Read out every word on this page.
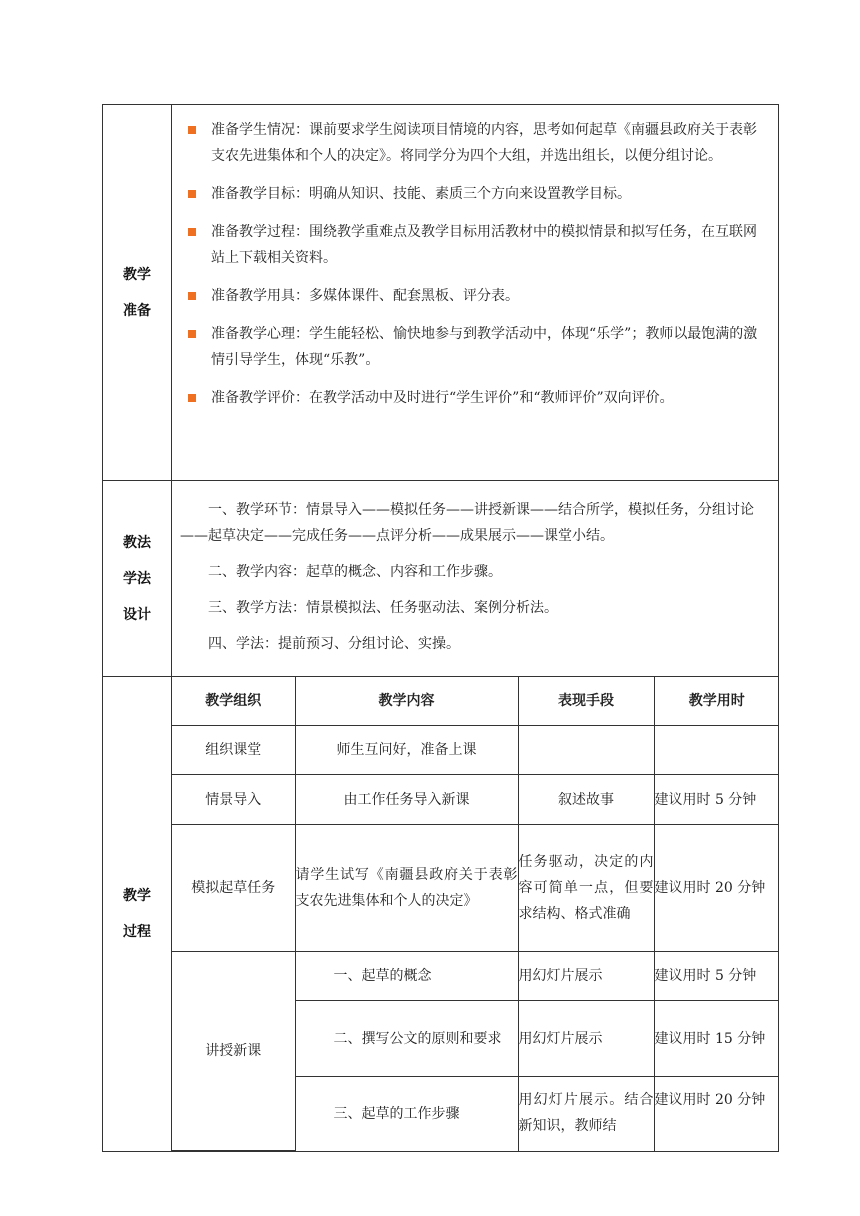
教学
准备

准备学生情况：课前要求学生阅读项目情境的内容，思考如何起草《南疆县政府关于表彰支农先进集体和个人的决定》。将同学分为四个大组，并选出组长，以便分组讨论。
准备教学目标：明确从知识、技能、素质三个方向来设置教学目标。
准备教学过程：围绕教学重难点及教学目标用活教材中的模拟情景和拟写任务，在互联网站上下载相关资料。
准备教学用具：多媒体课件、配套黑板、评分表。
准备教学心理：学生能轻松、愉快地参与到教学活动中，体现“乐学”；教师以最饱满的激情引导学生，体现“乐教”。
准备教学评价：在教学活动中及时进行“学生评价”和“教师评价”双向评价。

教法
学法
设计

一、教学环节：情景导入——模拟任务——讲授新课——结合所学，模拟任务，分组讨论——起草决定——完成任务——点评分析——成果展示——课堂小结。

二、教学内容：起草的概念、内容和工作步骤。

三、教学方法：情景模拟法、任务驱动法、案例分析法。

四、学法：提前预习、分组讨论、实操。

教学
过程

教学组织	教学内容	表现手段	教学用时
组织课堂	师生互问好，准备上课		
情景导入	由工作任务导入新课	叙述故事	建议用时 5 分钟
模拟起草任务	请学生试写《南疆县政府关于表彰支农先进集体和个人的决定》	任务驱动，决定的内容可简单一点，但要求结构、格式准确	建议用时 20 分钟
讲授新课	一、起草的概念	用幻灯片展示	建议用时 5 分钟
二、撰写公文的原则和要求	用幻灯片展示	建议用时 15 分钟
三、起草的工作步骤	用幻灯片展示。结合新知识，教师结	建议用时 20 分钟
